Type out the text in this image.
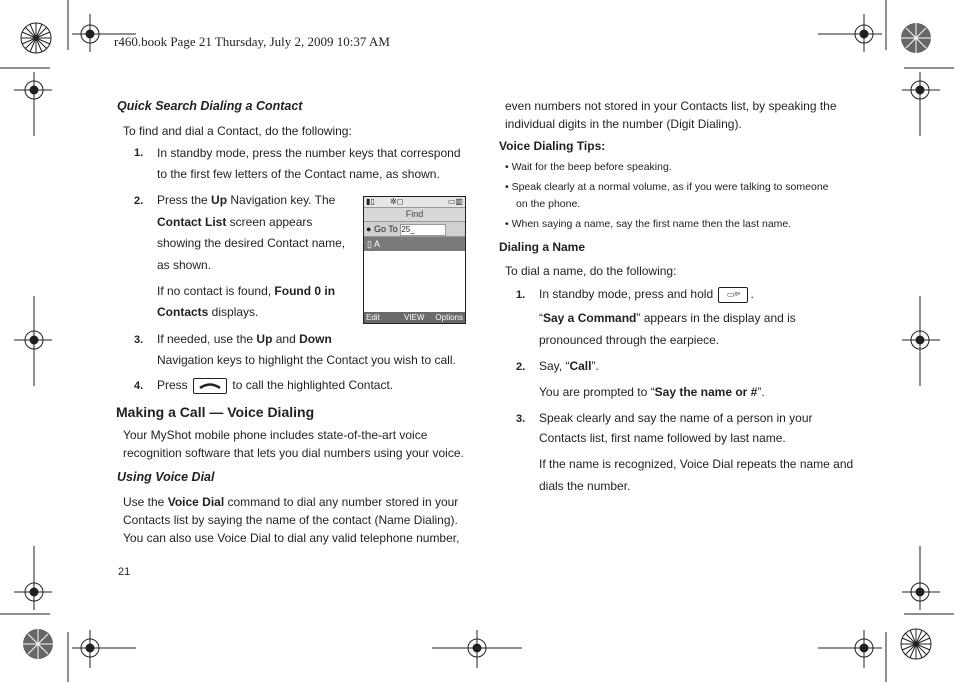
r460.book Page 21 Thursday, July 2, 2009 10:37 AM
Quick Search Dialing a Contact
To find and dial a Contact, do the following:
1. In standby mode, press the number keys that correspond
to the first few letters of the Contact name, as shown.
2. Press the Up Navigation key. The
Contact List screen appears
showing the desired Contact name,
as shown.
If no contact is found, Found 0 in
Contacts displays.
▮▯ ✲◻	▭▥
Find
● Go To 25_
▯ A
Edit	VIEW Options
3. If needed, use the Up and Down
Navigation keys to highlight the Contact you wish to call.
4. Press	to call the highlighted Contact.
Making a Call — Voice Dialing
Your MyShot mobile phone includes state-of-the-art voice
recognition software that lets you dial numbers using your voice.
Using Voice Dial
Use the Voice Dial command to dial any number stored in your
Contacts list by saying the name of the contact (Name Dialing).
You can also use Voice Dial to dial any valid telephone number,
21
even numbers not stored in your Contacts list, by speaking the
individual digits in the number (Digit Dialing).
Voice Dialing Tips:
• Wait for the beep before speaking.
• Speak clearly at a normal volume, as if you were talking to someone
on the phone.
• When saying a name, say the first name then the last name.
Dialing a Name
To dial a name, do the following:
1. In standby mode, press and hold ▭ᵡᵉ .
“Say a Command” appears in the display and is
pronounced through the earpiece.
2. Say, “Call”.
You are prompted to “Say the name or #”.
3. Speak clearly and say the name of a person in your
Contacts list, first name followed by last name.
If the name is recognized, Voice Dial repeats the name and
dials the number.
